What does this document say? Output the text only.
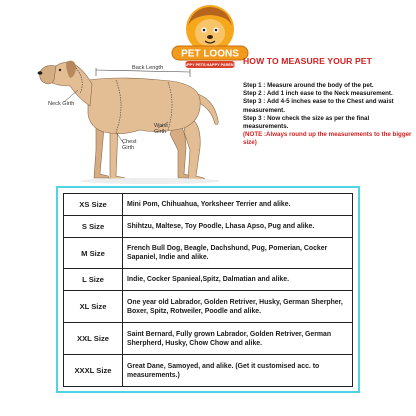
PET LOONS
HAPPY PETS HAPPY PARENTS
Back Length
Neck Girth
Chest Girth
Waist Girth
HOW TO MEASURE YOUR PET
Step 1 : Measure around the body of the pet.
Step 2 : Add 1 inch ease to the Neck measurement.
Step 3 : Add 4-5 inches ease to the Chest and waist measurement.
Step 3 : Now check the size as per the final measurements.
(NOTE :Always round up the measurements to the bigger size)
XS Size	Mini Pom, Chihuahua, Yorksheer Terrier and alike.
S Size	Shihtzu, Maltese, Toy Poodle, Lhasa Apso, Pug and alike.
M Size	French Bull Dog, Beagle, Dachshund, Pug, Pomerian, Cocker Sapaniel, Indie and alike.
L Size	Indie, Cocker Spanieal,Spitz, Dalmatian and alike.
XL Size	One year old Labrador, Golden Retriver, Husky, German Sherpher, Boxer, Spitz, Rotweiler, Poodle and alike.
XXL Size	Saint Bernard, Fully grown Labrador, Golden Retriver, German Sherpherd, Husky, Chow Chow and alike.
XXXL Size	Great Dane, Samoyed, and alike. (Get it customised acc. to measurements.)
